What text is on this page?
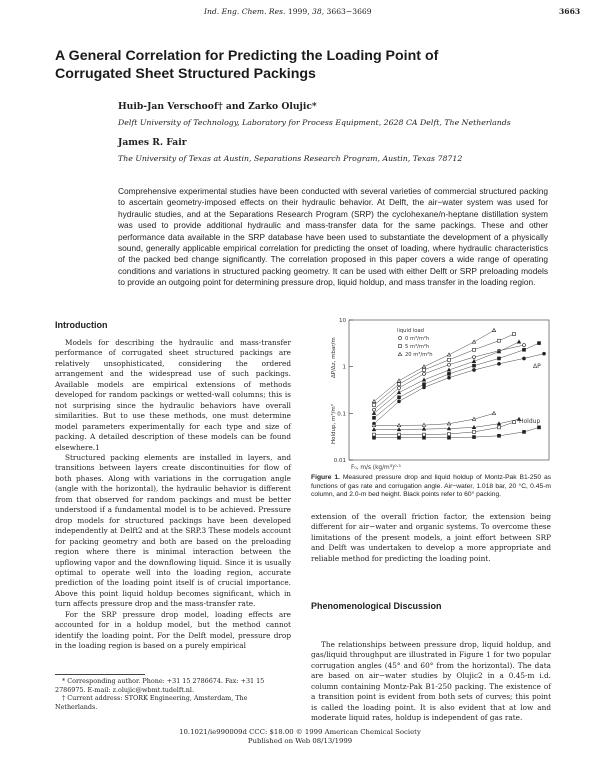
Ind. Eng. Chem. Res. 1999, 38, 3663−3669	3663
A General Correlation for Predicting the Loading Point of
Corrugated Sheet Structured Packings
Huib-Jan Verschoof† and Zarko Olujic*
Delft University of Technology, Laboratory for Process Equipment, 2628 CA Delft, The Netherlands
James R. Fair
The University of Texas at Austin, Separations Research Program, Austin, Texas 78712
Comprehensive experimental studies have been conducted with several varieties of commercial structured packing to ascertain geometry-imposed effects on their hydraulic behavior. At Delft, the air−water system was used for hydraulic studies, and at the Separations Research Program (SRP) the cyclohexane/n-heptane distillation system was used to provide additional hydraulic and mass-transfer data for the same packings. These and other performance data available in the SRP database have been used to substantiate the development of a physically sound, generally applicable empirical correlation for predicting the onset of loading, where hydraulic characteristics of the packed bed change significantly. The correlation proposed in this paper covers a wide range of operating conditions and variations in structured packing geometry. It can be used with either Delft or SRP preloading models to provide an outgoing point for determining pressure drop, liquid holdup, and mass transfer in the loading region.
Introduction

Models for describing the hydraulic and mass-transfer performance of corrugated sheet structured packings are relatively unsophisticated, considering the ordered arrangement and the widespread use of such packings. Available models are empirical extensions of methods developed for random packings or wetted-wall columns; this is not surprising since the hydraulic behaviors have overall similarities. But to use these methods, one must determine model parameters experimentally for each type and size of packing. A detailed description of these models can be found elsewhere.1

Structured packing elements are installed in layers, and transitions between layers create discontinuities for flow of both phases. Along with variations in the corrugation angle (angle with the horizontal), the hydraulic behavior is different from that observed for random packings and must be better understood if a fundamental model is to be achieved. Pressure drop models for structured packings have been developed independently at Delft2 and at the SRP.3 These models account for packing geometry and both are based on the preloading region where there is minimal interaction between the upflowing vapor and the downflowing liquid. Since it is usually optimal to operate well into the loading region, accurate prediction of the loading point itself is of crucial importance. Above this point liquid holdup becomes significant, which in turn affects pressure drop and the mass-transfer rate.

For the SRP pressure drop model, loading effects are accounted for in a holdup model, but the method cannot identify the loading point. For the Delft model, pressure drop in the loading region is based on a purely empirical

* Corresponding author. Phone: +31 15 2786674. Fax: +31 15 2786975. E-mail: z.olujic@wbmt.tudelft.nl.
† Current address: STORK Engineering, Amsterdam, The Netherlands.
10
1
0.1
0.01
ΔP/Δz, mbar/m
Holdup, m³/m³
F₀, m/s (kg/m³)⁰·⁵
liquid load
0 m³/m²h
5 m³/m²h
20 m³/m²h
ΔP
Holdup
Figure 1. Measured pressure drop and liquid holdup of Montz-Pak B1-250 as functions of gas rate and corrugation angle. Air−water, 1.018 bar, 20 °C, 0.45-m column, and 2.0-m bed height. Black points refer to 60° packing.

extension of the overall friction factor, the extension being different for air−water and organic systems. To overcome these limitations of the present models, a joint effort between SRP and Delft was undertaken to develop a more appropriate and reliable method for predicting the loading point.

Phenomenological Discussion

The relationships between pressure drop, liquid holdup, and gas/liquid throughput are illustrated in Figure 1 for two popular corrugation angles (45° and 60° from the horizontal). The data are based on air−water studies by Olujic2 in a 0.45-m i.d. column containing Montz-Pak B1-250 packing. The existence of a transition point is evident from both sets of curves; this point is called the loading point. It is also evident that at low and moderate liquid rates, holdup is independent of gas rate.

10.1021/ie990009d CCC: $18.00 © 1999 American Chemical Society
Published on Web 08/13/1999
